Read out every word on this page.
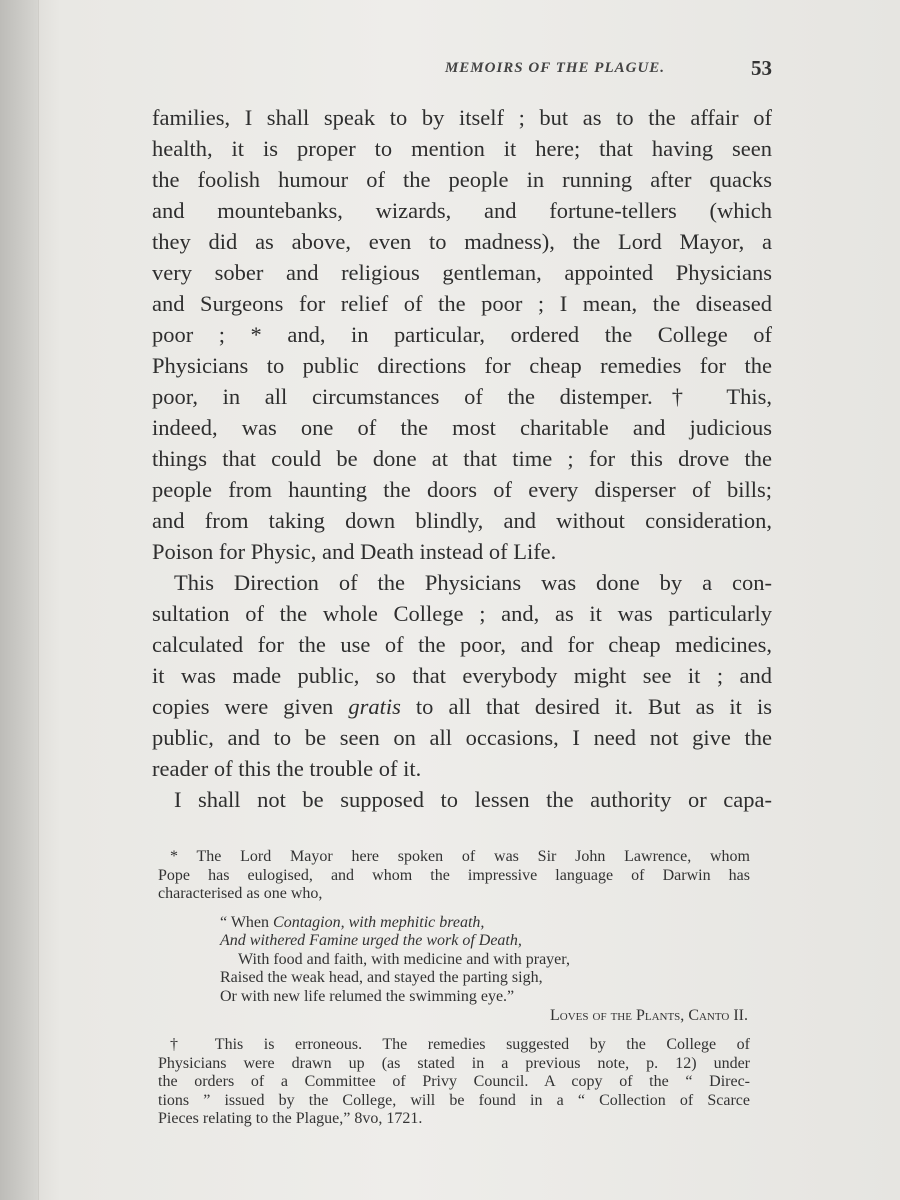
MEMOIRS OF THE PLAGUE.	53
families, I shall speak to by itself ; but as to the affair of
health, it is proper to mention it here; that having seen
the foolish humour of the people in running after quacks
and mountebanks, wizards, and fortune-tellers (which
they did as above, even to madness), the Lord Mayor, a
very sober and religious gentleman, appointed Physicians
and Surgeons for relief of the poor ; I mean, the diseased
poor ; * and, in particular, ordered the College of
Physicians to public directions for cheap remedies for the
poor, in all circumstances of the distemper.† This,
indeed, was one of the most charitable and judicious
things that could be done at that time ; for this drove the
people from haunting the doors of every disperser of bills;
and from taking down blindly, and without consideration,
Poison for Physic, and Death instead of Life.
This Direction of the Physicians was done by a con-
sultation of the whole College ; and, as it was particularly
calculated for the use of the poor, and for cheap medicines,
it was made public, so that everybody might see it ; and
copies were given gratis to all that desired it. But as it is
public, and to be seen on all occasions, I need not give the
reader of this the trouble of it.
I shall not be supposed to lessen the authority or capa-
* The Lord Mayor here spoken of was Sir John Lawrence, whom
Pope has eulogised, and whom the impressive language of Darwin has
characterised as one who,
“ When Contagion, with mephitic breath,
And withered Famine urged the work of Death,
With food and faith, with medicine and with prayer,
Raised the weak head, and stayed the parting sigh,
Or with new life relumed the swimming eye.”
Loves of the Plants, Canto II.
† This is erroneous. The remedies suggested by the College of
Physicians were drawn up (as stated in a previous note, p. 12) under
the orders of a Committee of Privy Council. A copy of the “ Direc-
tions ” issued by the College, will be found in a “ Collection of Scarce
Pieces relating to the Plague,” 8vo, 1721.
